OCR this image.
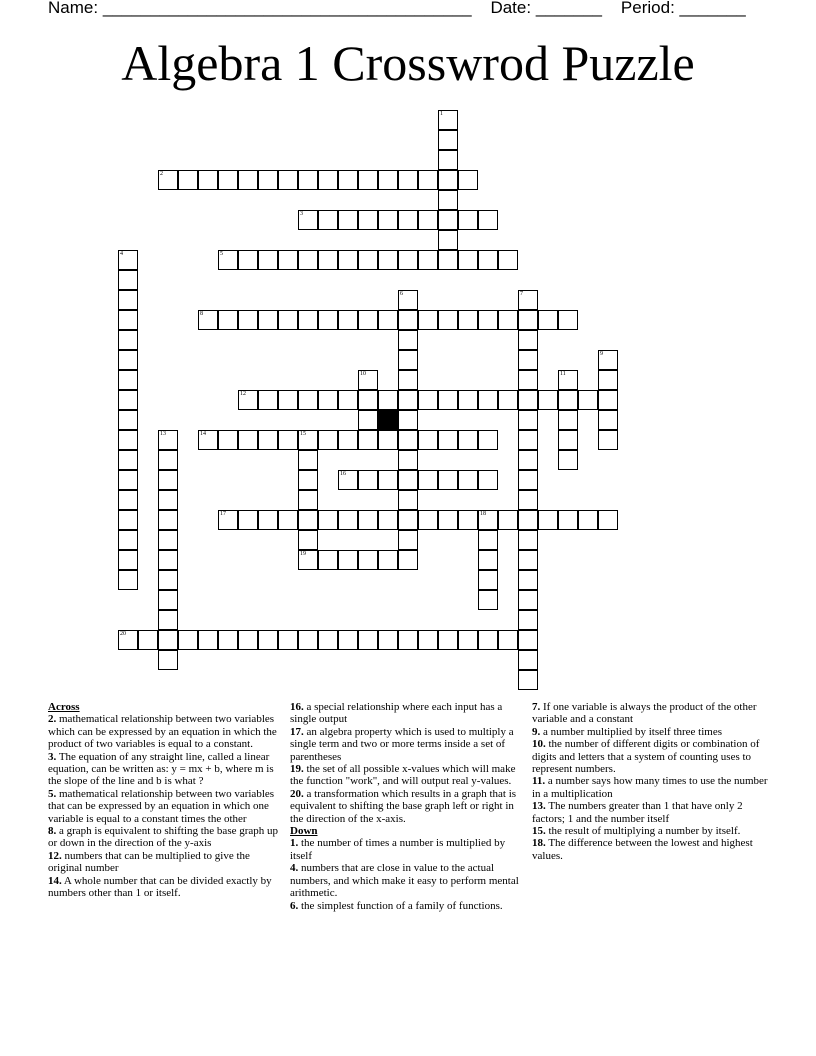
Name: _______________________________________ Date: _______ Period: _______
Algebra 1 Crosswrod Puzzle
1
2
3
4	5
6	7
8
9
10	11
12
13	14	15
19
16
17	18
20
Across
2. mathematical relationship between two variables which can be expressed by an equation in which the product of two variables is equal to a constant.
3. The equation of any straight line, called a linear equation, can be written as: y = mx + b, where m is the slope of the line and b is what ?
5. mathematical relationship between two variables that can be expressed by an equation in which one variable is equal to a constant times the other
8. a graph is equivalent to shifting the base graph up or down in the direction of the y-axis
12. numbers that can be multiplied to give the original number
14. A whole number that can be divided exactly by numbers other than 1 or itself.
16. a special relationship where each input has a single output
17. an algebra property which is used to multiply a single term and two or more terms inside a set of parentheses
19. the set of all possible x-values which will make the function "work", and will output real y-values.
20. a transformation which results in a graph that is equivalent to shifting the base graph left or right in the direction of the x-axis.
Down
1. the number of times a number is multiplied by itself
4. numbers that are close in value to the actual numbers, and which make it easy to perform mental arithmetic.
6. the simplest function of a family of functions.
7. If one variable is always the product of the other variable and a constant
9. a number multiplied by itself three times
10. the number of different digits or combination of digits and letters that a system of counting uses to represent numbers.
11. a number says how many times to use the number in a multiplication
13. The numbers greater than 1 that have only 2 factors; 1 and the number itself
15. the result of multiplying a number by itself.
18. The difference between the lowest and highest values.
